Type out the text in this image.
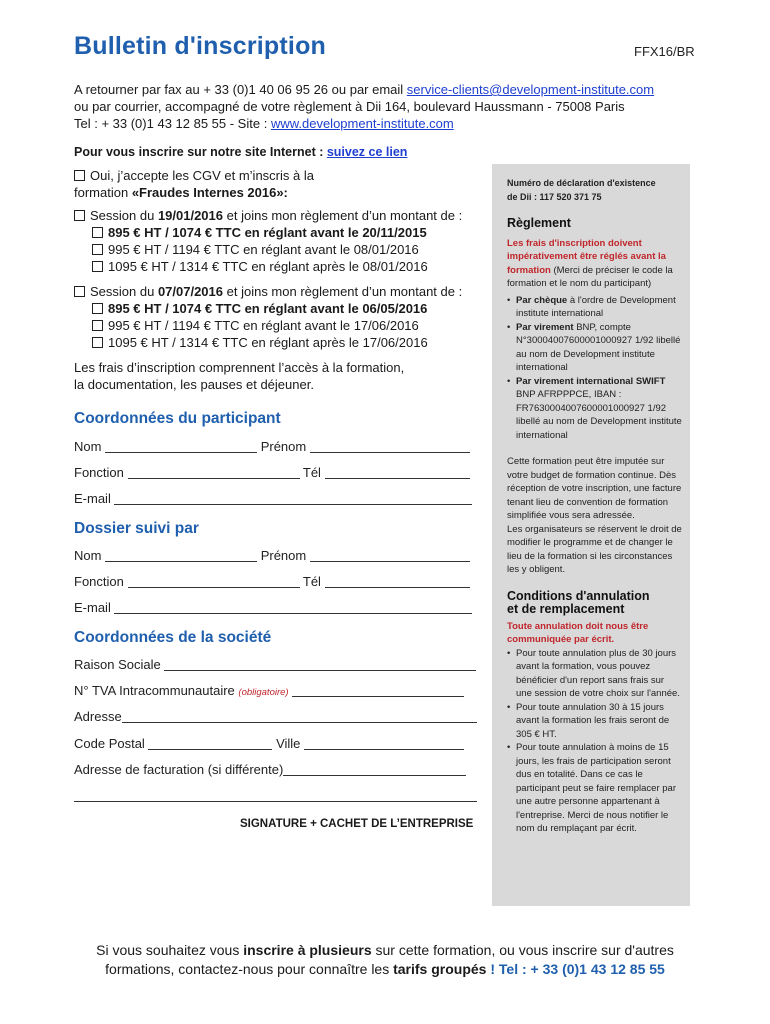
Bulletin d'inscription	FFX16/BR
A retourner par fax au + 33 (0)1 40 06 95 26 ou par email service-clients@development-institute.com
ou par courrier, accompagné de votre règlement à Dii 164, boulevard Haussmann - 75008 Paris
Tel : + 33 (0)1 43 12 85 55 - Site : www.development-institute.com
Pour vous inscrire sur notre site Internet : suivez ce lien
Oui, j’accepte les CGV et m’inscris à la
formation «Fraudes Internes 2016»:
Session du 19/01/2016 et joins mon règlement d’un montant de :
895 € HT / 1074 € TTC en réglant avant le 20/11/2015
995 € HT / 1194 € TTC en réglant avant le 08/01/2016
1095 € HT / 1314 € TTC en réglant après le 08/01/2016
Session du 07/07/2016 et joins mon règlement d’un montant de :
895 € HT / 1074 € TTC en réglant avant le 06/05/2016
995 € HT / 1194 € TTC en réglant avant le 17/06/2016
1095 € HT / 1314 € TTC en réglant après le 17/06/2016
Les frais d’inscription comprennent l’accès à la formation,
la documentation, les pauses et déjeuner.
Coordonnées du participant
Nom	Prénom
Fonction	Tél
E-mail
Dossier suivi par
Nom	Prénom
Fonction	Tél
E-mail
Coordonnées de la société
Raison Sociale
N° TVA Intracommunautaire (obligatoire)
Adresse
Code Postal	Ville
Adresse de facturation (si différente)
SIGNATURE + CACHET DE L’ENTREPRISE
Numéro de déclaration d'existence
de Dii : 117 520 371 75
Règlement
Les frais d'inscription doivent impérativement être réglés avant la formation (Merci de préciser le code la formation et le nom du participant)
• Par chèque à l'ordre de Development institute international
• Par virement BNP, compte N°30004007600001000927 1/92 libellé au nom de Development institute international
• Par virement international SWIFT
BNP AFRPPPCE, IBAN : FR7630004007600001000927 1/92 libellé au nom de Development institute international
Cette formation peut être imputée sur votre budget de formation continue. Dès réception de votre inscription, une facture tenant lieu de convention de formation simplifiée vous sera adressée.
Les organisateurs se réservent le droit de modifier le programme et de changer le lieu de la formation si les circonstances les y obligent.
Conditions d'annulation
et de remplacement
Toute annulation doit nous être communiquée par écrit.
• Pour toute annulation plus de 30 jours avant la formation, vous pouvez bénéficier d'un report sans frais sur une session de votre choix sur l'année.
• Pour toute annulation 30 à 15 jours avant la formation les frais seront de 305 € HT.
• Pour toute annulation à moins de 15 jours, les frais de participation seront dus en totalité. Dans ce cas le participant peut se faire remplacer par une autre personne appartenant à l'entreprise. Merci de nous notifier le nom du remplaçant par écrit.
Si vous souhaitez vous inscrire à plusieurs sur cette formation, ou vous inscrire sur d'autres
formations, contactez-nous pour connaître les tarifs groupés ! Tel : + 33 (0)1 43 12 85 55
